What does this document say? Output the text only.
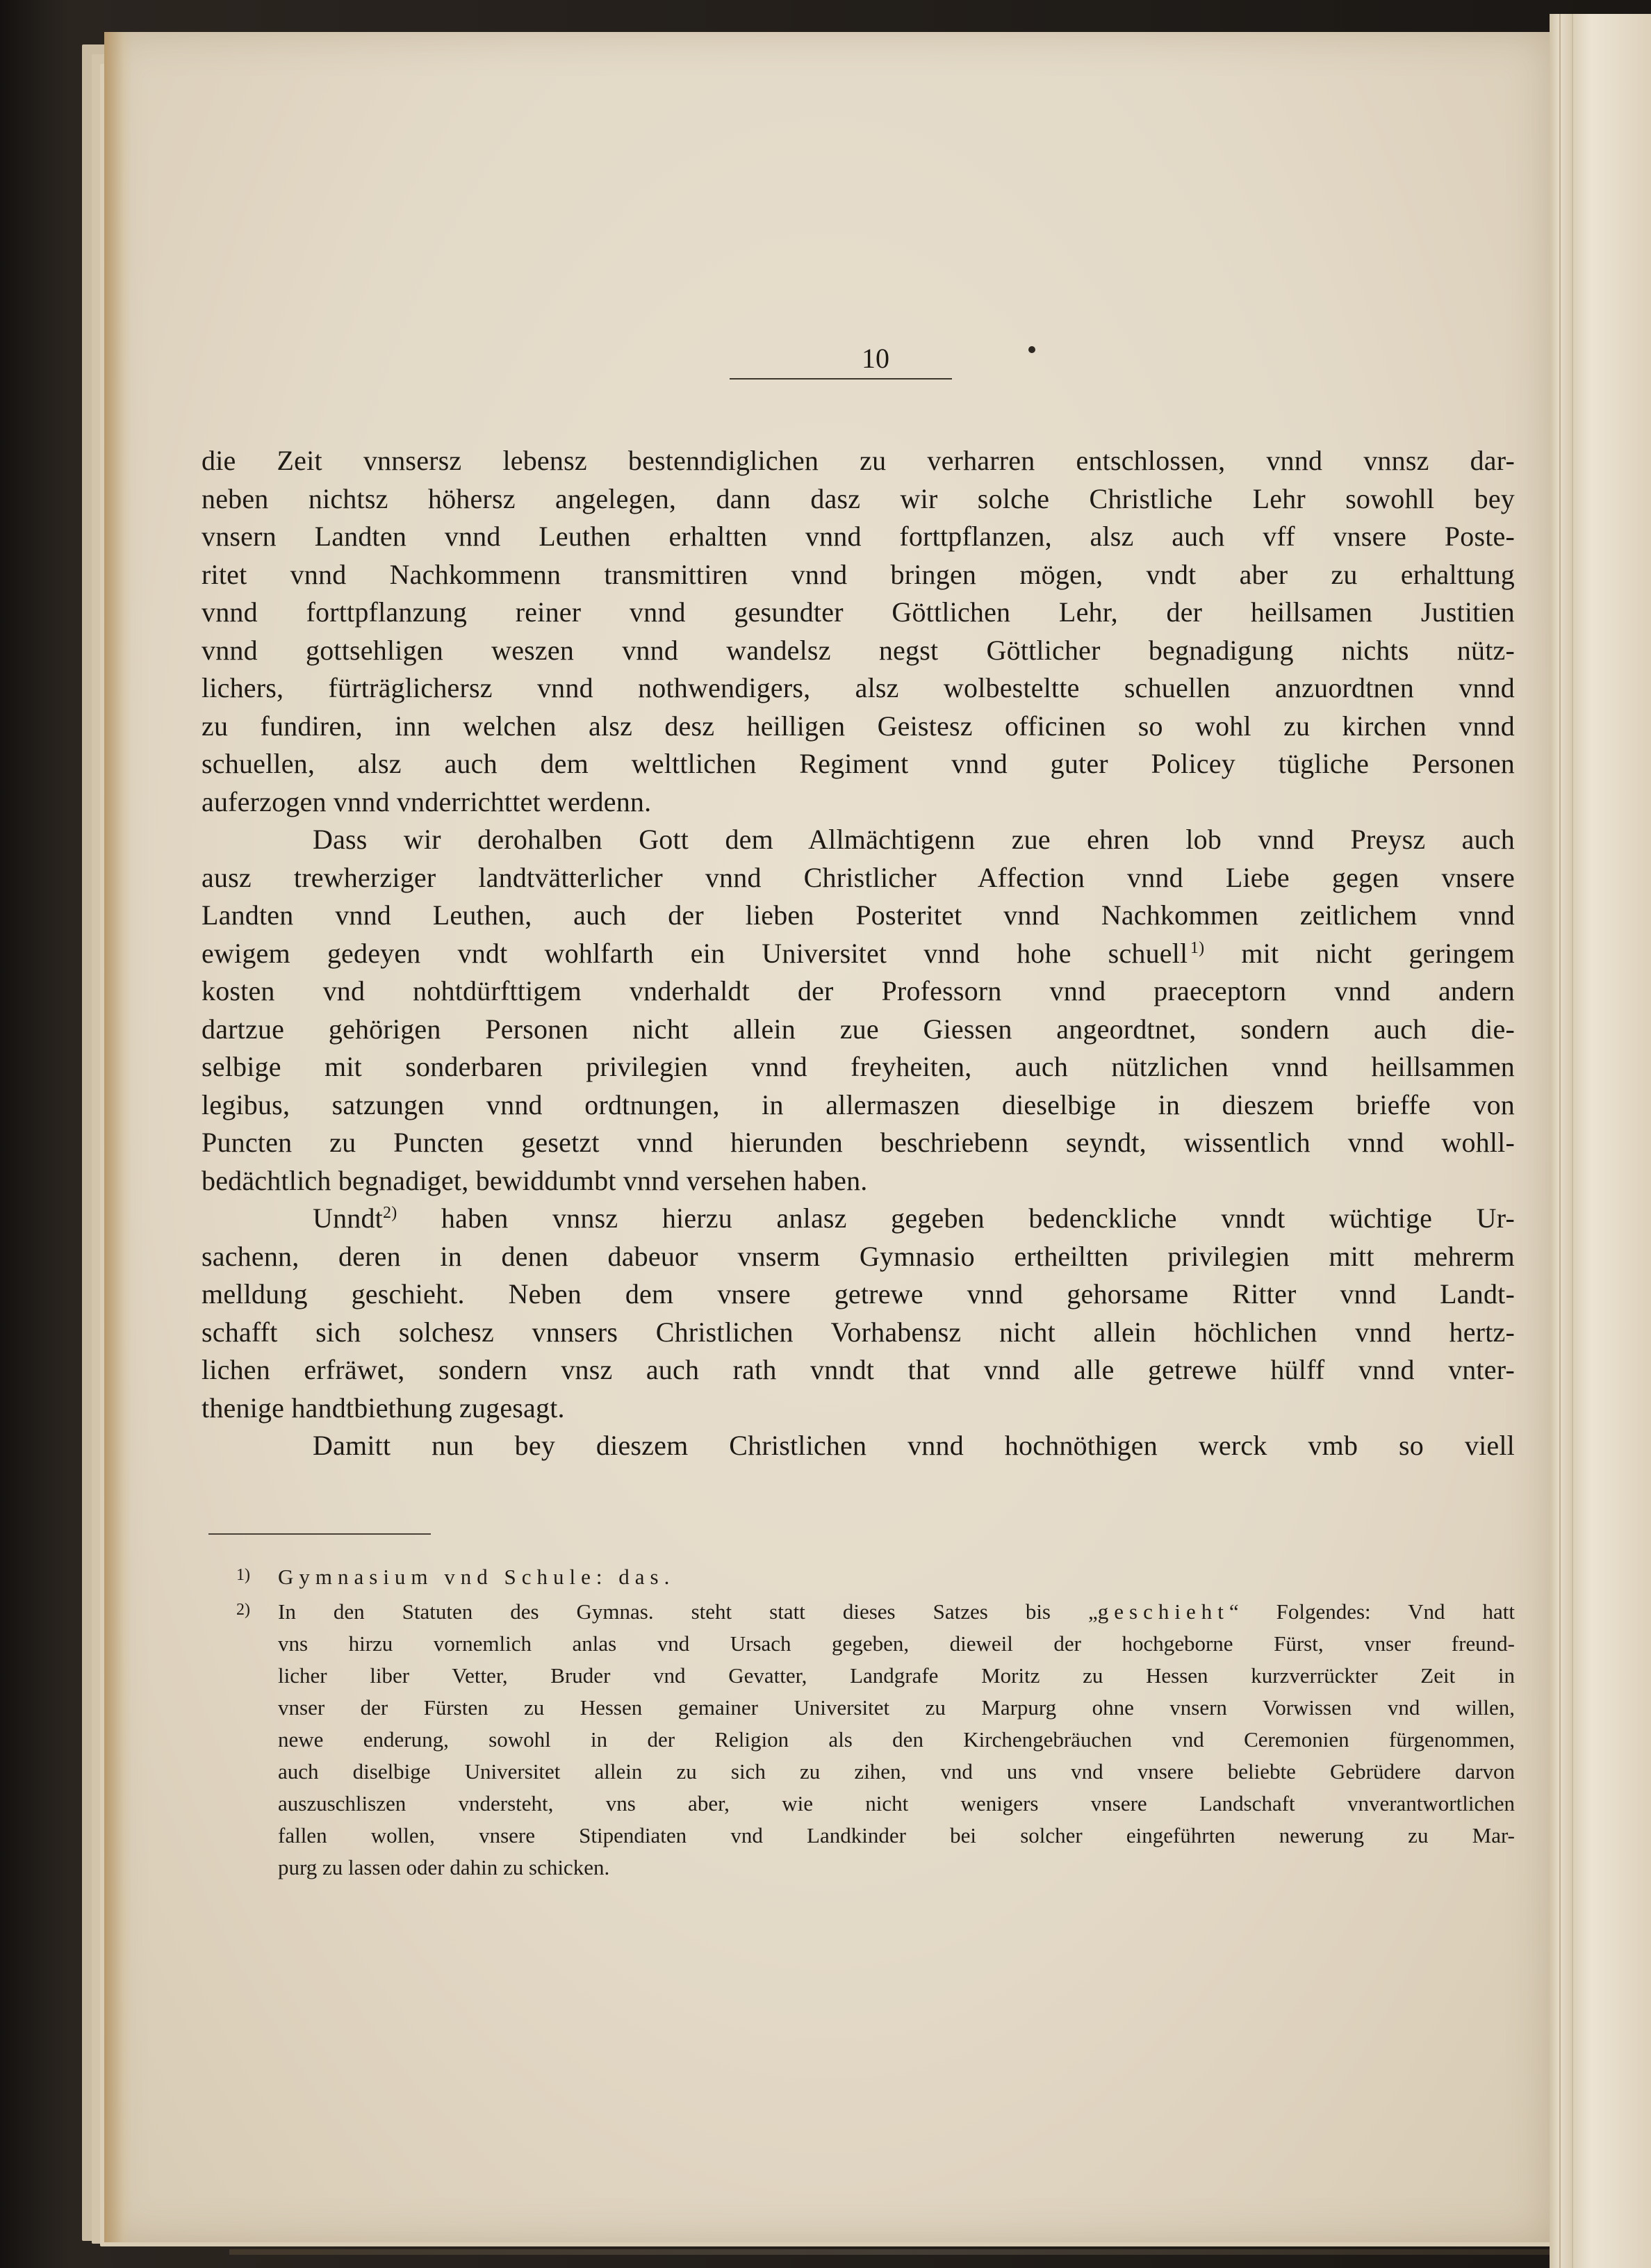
10

die Zeit vnnsersz lebensz bestenndiglichen zu verharren entschlossen, vnnd vnnsz dar-
neben nichtsz höhersz angelegen, dann dasz wir solche Christliche Lehr sowohll bey
vnsern Landten vnnd Leuthen erhaltten vnnd forttpflanzen, alsz auch vff vnsere Poste-
ritet vnnd Nachkommenn transmittiren vnnd bringen mögen, vndt aber zu erhalttung
vnnd forttpflanzung reiner vnnd gesundter Göttlichen Lehr, der heillsamen Justitien
vnnd gottsehligen weszen vnnd wandelsz negst Göttlicher begnadigung nichts nütz-
lichers, fürträglichersz vnnd nothwendigers, alsz wolbesteltte schuellen anzuordtnen vnnd
zu fundiren, inn welchen alsz desz heilligen Geistesz officinen so wohl zu kirchen vnnd
schuellen, alsz auch dem welttlichen Regiment vnnd guter Policey tügliche Personen
auferzogen vnnd vnderrichttet werdenn.

Dass wir derohalben Gott dem Allmächtigenn zue ehren lob vnnd Preysz auch
ausz trewherziger landtvätterlicher vnnd Christlicher Affection vnnd Liebe gegen vnsere
Landten vnnd Leuthen, auch der lieben Posteritet vnnd Nachkommen zeitlichem vnnd
ewigem gedeyen vndt wohlfarth ein Universitet vnnd hohe schuell  $^{1)}$ mit nicht geringem
kosten vnd nohtdürfttigem vnderhaldt der Professorn vnnd praeceptorn vnnd andern
dartzue gehörigen Personen nicht allein zue Giessen angeordtnet, sondern auch die-
selbige mit sonderbaren privilegien vnnd freyheiten, auch nützlichen vnnd heillsammen
legibus, satzungen vnnd ordtnungen, in allermaszen dieselbige in dieszem brieffe von
Puncten zu Puncten gesetzt vnnd hierunden beschriebenn seyndt, wissentlich vnnd wohll-
bedächtlich begnadiget, bewiddumbt vnnd versehen haben.

Unndt$^{2)}$ haben vnnsz hierzu anlasz gegeben bedenckliche vnndt wüchtige Ur-
sachenn, deren in denen dabeuor vnserm Gymnasio ertheiltten privilegien mitt mehrerm
melldung geschieht. Neben dem vnsere getrewe vnnd gehorsame Ritter vnnd Landt-
schafft sich solchesz vnnsers Christlichen Vorhabensz nicht allein höchlichen vnnd hertz-
lichen erfräwet, sondern vnsz auch rath vnndt that vnnd alle getrewe hülff vnnd vnter-
thenige handtbiethung zugesagt.

Damitt nun bey dieszem Christlichen vnnd hochnöthigen werck vmb so viell

1) Gymnasium vnd Schule: das.
2) In den Statuten des Gymnas. steht statt dieses Satzes bis „geschieht“ Folgendes: Vnd hatt
vns hirzu vornemlich anlas vnd Ursach gegeben, dieweil der hochgeborne Fürst, vnser freund-
licher liber Vetter, Bruder vnd Gevatter, Landgrafe Moritz zu Hessen kurzverrückter Zeit in
vnser der Fürsten zu Hessen gemainer Universitet zu Marpurg ohne vnsern Vorwissen vnd willen,
newe enderung, sowohl in der Religion als den Kirchengebräuchen vnd Ceremonien fürgenommen,
auch diselbige Universitet allein zu sich zu zihen, vnd uns vnd vnsere beliebte Gebrüdere darvon
auszuschliszen vndersteht, vns aber, wie nicht wenigers vnsere Landschaft vnverantwortlichen
fallen wollen, vnsere Stipendiaten vnd Landkinder bei solcher eingeführten newerung zu Mar-
purg zu lassen oder dahin zu schicken.
